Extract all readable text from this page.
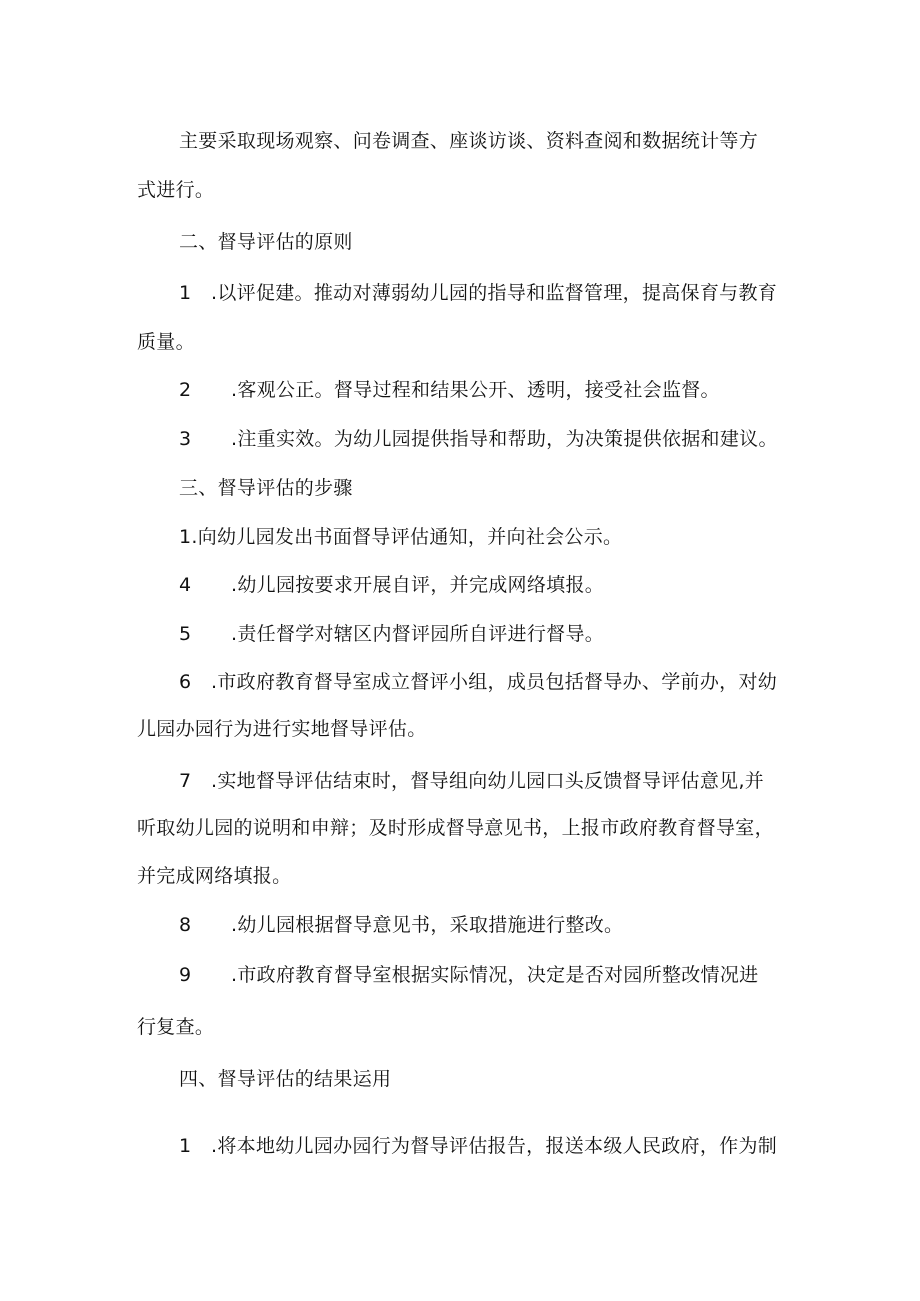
主要采取现场观察、问卷调查、座谈访谈、资料查阅和数据统计等方
式进行。
二、督导评估的原则
1 .以评促建。推动对薄弱幼儿园的指导和监督管理，提高保育与教育
质量。
2 .客观公正。督导过程和结果公开、透明，接受社会监督。
3 .注重实效。为幼儿园提供指导和帮助，为决策提供依据和建议。
三、督导评估的步骤
1.向幼儿园发出书面督导评估通知，并向社会公示。
4 .幼儿园按要求开展自评，并完成网络填报。
5 .责任督学对辖区内督评园所自评进行督导。
6 .市政府教育督导室成立督评小组，成员包括督导办、学前办，对幼
儿园办园行为进行实地督导评估。
7 .实地督导评估结束时，督导组向幼儿园口头反馈督导评估意见,并
听取幼儿园的说明和申辩；及时形成督导意见书，上报市政府教育督导室，
并完成网络填报。
8 .幼儿园根据督导意见书，采取措施进行整改。
9 .市政府教育督导室根据实际情况，决定是否对园所整改情况进
行复查。
四、督导评估的结果运用
1 .将本地幼儿园办园行为督导评估报告，报送本级人民政府，作为制
